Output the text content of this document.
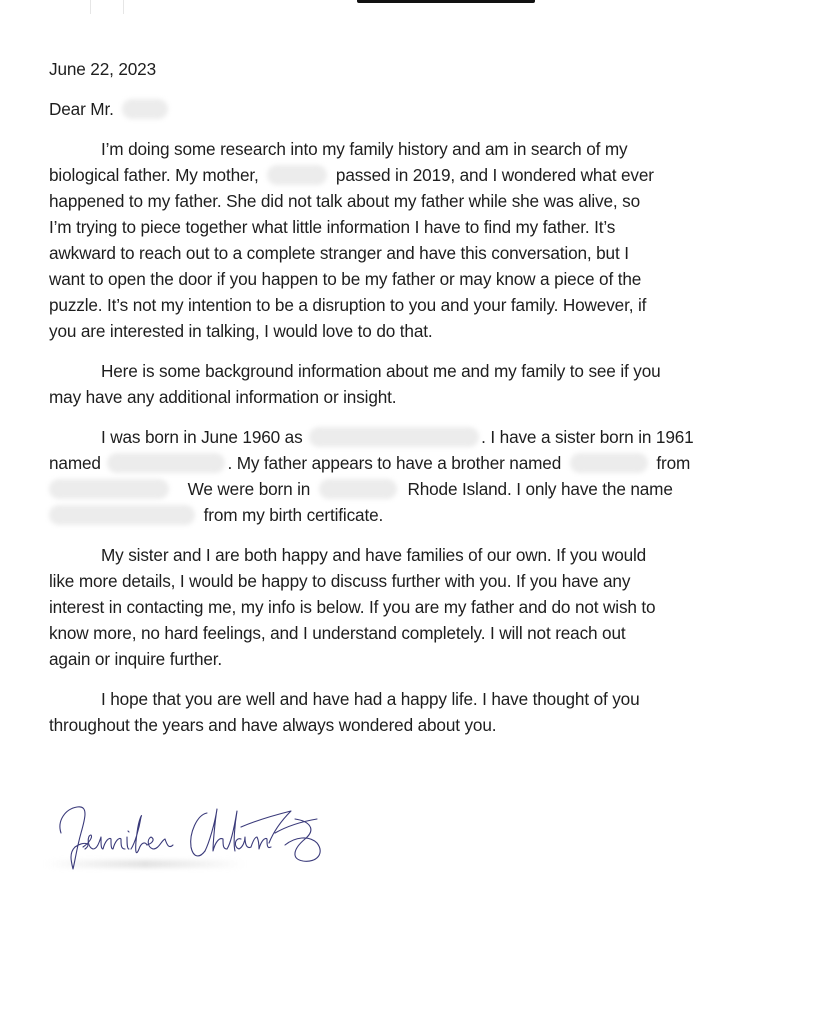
June 22, 2023
Dear Mr.
I’m doing some research into my family history and am in search of my
biological father. My mother,	passed in 2019, and I wondered what ever
happened to my father. She did not talk about my father while she was alive, so
I’m trying to piece together what little information I have to find my father. It’s
awkward to reach out to a complete stranger and have this conversation, but I
want to open the door if you happen to be my father or may know a piece of the
puzzle. It’s not my intention to be a disruption to you and your family. However, if
you are interested in talking, I would love to do that.
Here is some background information about me and my family to see if you
may have any additional information or insight.
I was born in June 1960 as	. I have a sister born in 1961
named	. My father appears to have a brother named	from
We were born in	Rhode Island. I only have the name
from my birth certificate.
My sister and I are both happy and have families of our own. If you would
like more details, I would be happy to discuss further with you. If you have any
interest in contacting me, my info is below. If you are my father and do not wish to
know more, no hard feelings, and I understand completely. I will not reach out
again or inquire further.
I hope that you are well and have had a happy life. I have thought of you
throughout the years and have always wondered about you.
